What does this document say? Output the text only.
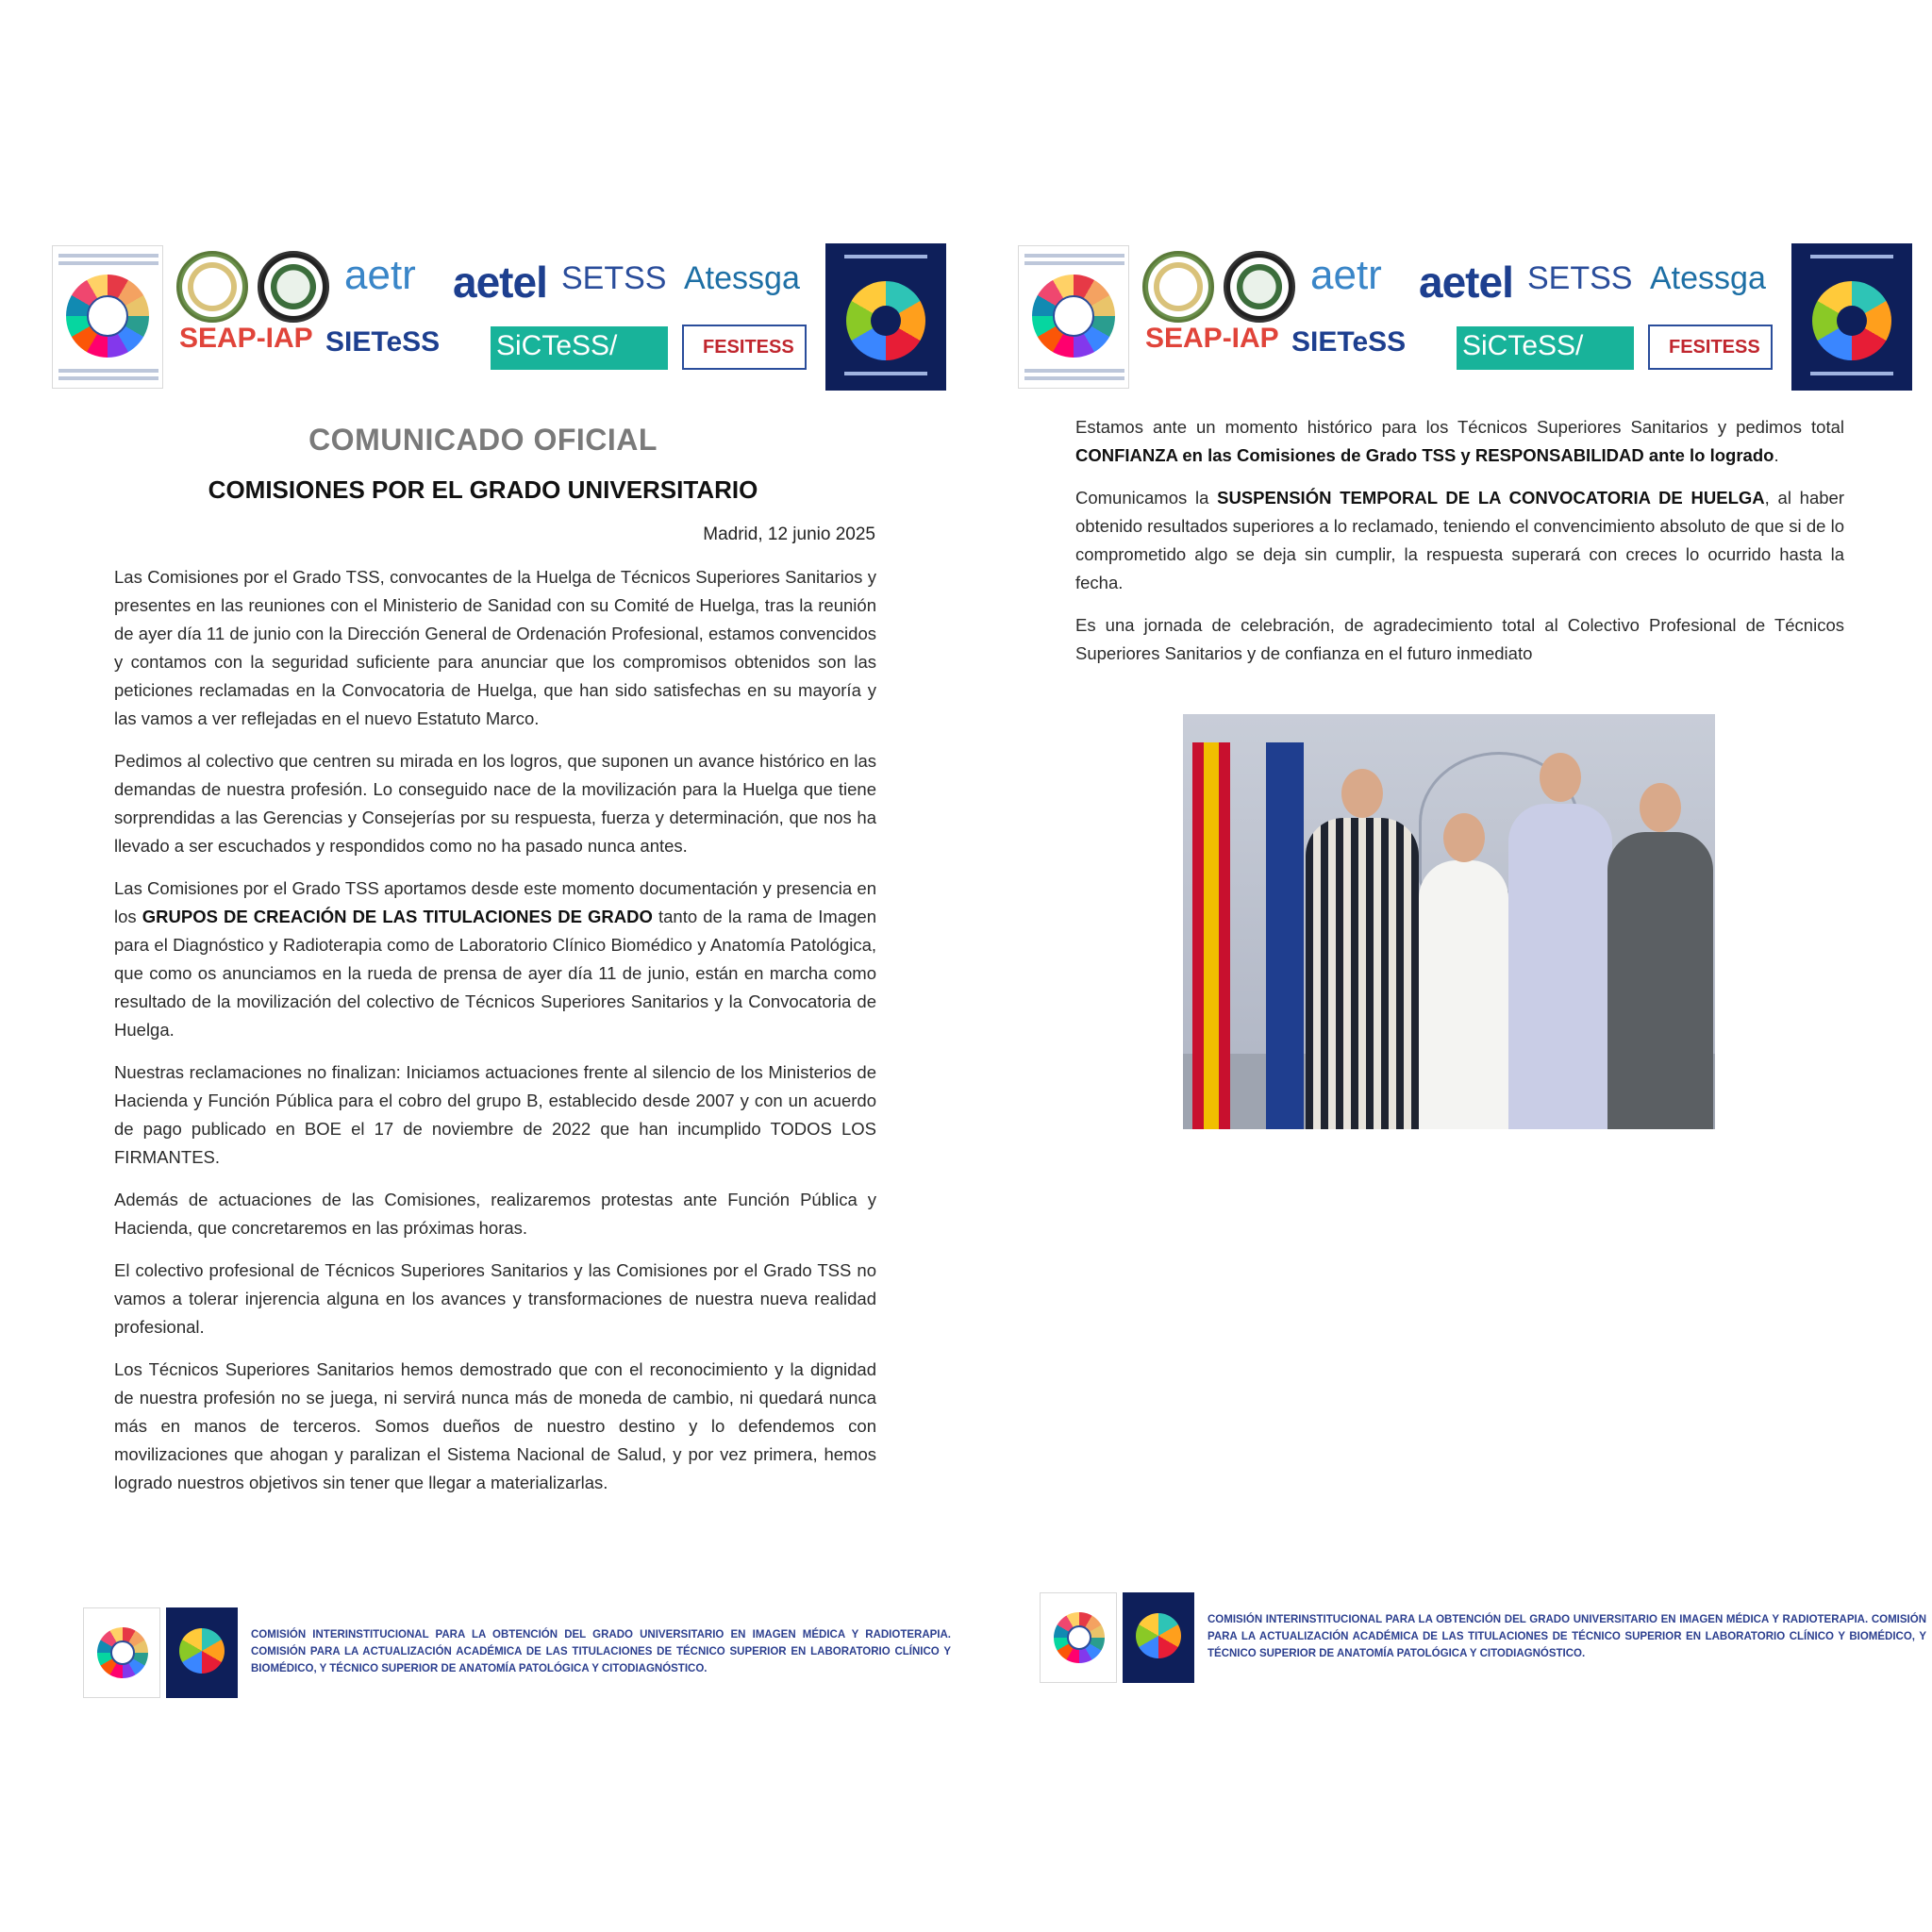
aetr aetel SETSS Atessga
SEAP-IAP SIETeSS SiCTeSS/	FESITESS
COMUNICADO OFICIAL
COMISIONES POR EL GRADO UNIVERSITARIO
Madrid, 12 junio 2025

Las Comisiones por el Grado TSS, convocantes de la Huelga de Técnicos Superiores Sanitarios y presentes en las reuniones con el Ministerio de Sanidad con su Comité de Huelga, tras la reunión de ayer día 11 de junio con la Dirección General de Ordenación Profesional, estamos convencidos y contamos con la seguridad suficiente para anunciar que los compromisos obtenidos son las peticiones reclamadas en la Convocatoria de Huelga, que han sido satisfechas en su mayoría y las vamos a ver reflejadas en el nuevo Estatuto Marco.

Pedimos al colectivo que centren su mirada en los logros, que suponen un avance histórico en las demandas de nuestra profesión. Lo conseguido nace de la movilización para la Huelga que tiene sorprendidas a las Gerencias y Consejerías por su respuesta, fuerza y determinación, que nos ha llevado a ser escuchados y respondidos como no ha pasado nunca antes.

Las Comisiones por el Grado TSS aportamos desde este momento documentación y presencia en los GRUPOS DE CREACIÓN DE LAS TITULACIONES DE GRADO tanto de la rama de Imagen para el Diagnóstico y Radioterapia como de Laboratorio Clínico Biomédico y Anatomía Patológica, que como os anunciamos en la rueda de prensa de ayer día 11 de junio, están en marcha como resultado de la movilización del colectivo de Técnicos Superiores Sanitarios y la Convocatoria de Huelga.

Nuestras reclamaciones no finalizan: Iniciamos actuaciones frente al silencio de los Ministerios de Hacienda y Función Pública para el cobro del grupo B, establecido desde 2007 y con un acuerdo de pago publicado en BOE el 17 de noviembre de 2022 que han incumplido TODOS LOS FIRMANTES.

Además de actuaciones de las Comisiones, realizaremos protestas ante Función Pública y Hacienda, que concretaremos en las próximas horas.

El colectivo profesional de Técnicos Superiores Sanitarios y las Comisiones por el Grado TSS no vamos a tolerar injerencia alguna en los avances y transformaciones de nuestra nueva realidad profesional.

Los Técnicos Superiores Sanitarios hemos demostrado que con el reconocimiento y la dignidad de nuestra profesión no se juega, ni servirá nunca más de moneda de cambio, ni quedará nunca más en manos de terceros. Somos dueños de nuestro destino y lo defendemos con movilizaciones que ahogan y paralizan el Sistema Nacional de Salud, y por vez primera, hemos logrado nuestros objetivos sin tener que llegar a materializarlas.

COMISIÓN INTERINSTITUCIONAL PARA LA OBTENCIÓN DEL GRADO UNIVERSITARIO EN IMAGEN MÉDICA Y RADIOTERAPIA. COMISIÓN PARA LA ACTUALIZACIÓN ACADÉMICA DE LAS TITULACIONES DE TÉCNICO SUPERIOR EN LABORATORIO CLÍNICO Y BIOMÉDICO, Y TÉCNICO SUPERIOR DE ANATOMÍA PATOLÓGICA Y CITODIAGNÓSTICO.
aetr aetel SETSS Atessga
SEAP-IAP SIETeSS SiCTeSS/	FESITESS

Estamos ante un momento histórico para los Técnicos Superiores Sanitarios y pedimos total CONFIANZA en las Comisiones de Grado TSS y RESPONSABILIDAD ante lo logrado.

Comunicamos la SUSPENSIÓN TEMPORAL DE LA CONVOCATORIA DE HUELGA, al haber obtenido resultados superiores a lo reclamado, teniendo el convencimiento absoluto de que si de lo comprometido algo se deja sin cumplir, la respuesta superará con creces lo ocurrido hasta la fecha.

Es una jornada de celebración, de agradecimiento total al Colectivo Profesional de Técnicos Superiores Sanitarios y de confianza en el futuro inmediato

COMISIÓN INTERINSTITUCIONAL PARA LA OBTENCIÓN DEL GRADO UNIVERSITARIO EN IMAGEN MÉDICA Y RADIOTERAPIA. COMISIÓN PARA LA ACTUALIZACIÓN ACADÉMICA DE LAS TITULACIONES DE TÉCNICO SUPERIOR EN LABORATORIO CLÍNICO Y BIOMÉDICO, Y TÉCNICO SUPERIOR DE ANATOMÍA PATOLÓGICA Y CITODIAGNÓSTICO.
